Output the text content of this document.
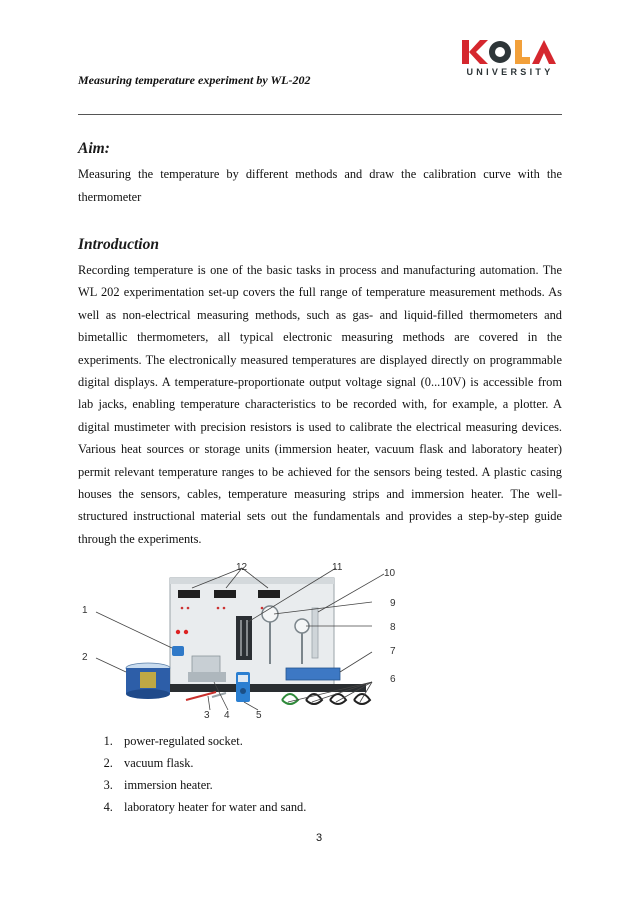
Measuring temperature experiment by WL-202
UNIVERSITY
Aim:

Measuring the temperature by different methods and draw the calibration curve with the thermometer

Introduction

Recording temperature is one of the basic tasks in process and manufacturing automation. The WL 202 experimentation set-up covers the full range of temperature measurement methods. As well as non-electrical measuring methods, such as gas- and liquid-filled thermometers and bimetallic thermometers, all typical electronic measuring methods are covered in the experiments. The electronically measured temperatures are displayed directly on programmable digital displays. A temperature-proportionate output voltage signal (0...10V) is accessible from lab jacks, enabling temperature characteristics to be recorded with, for example, a plotter. A digital mustimeter with precision resistors is used to calibrate the electrical measuring devices. Various heat sources or storage units (immersion heater, vacuum flask and laboratory heater) permit relevant temperature ranges to be achieved for the sensors being tested. A plastic casing houses the sensors, cables, temperature measuring strips and immersion heater. The well-structured instructional material sets out the fundamentals and provides a step-by-step guide through the experiments.

1
2
3 4	5
6
7
8
9
10
11
12
1. power-regulated socket.
2. vacuum flask.
3. immersion heater.
4. laboratory heater for water and sand.
3
